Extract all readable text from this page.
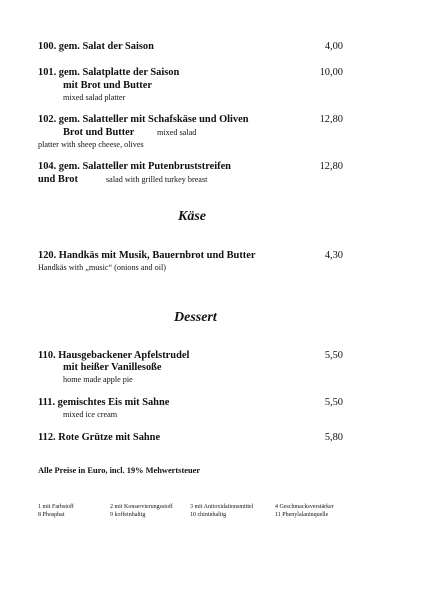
100. gem. Salat der Saison	4,00
101. gem. Salatplatte der Saison	10,00
mit Brot und Butter
mixed salad platter
102. gem. Salatteller mit Schafskäse und Oliven	12,80
Brot und Butter	mixed salad
platter with sheep cheese, olives
104. gem. Salatteller mit Putenbruststreifen	12,80
und Brot	salad with grilled turkey breast
Käse
120. Handkäs mit Musik, Bauernbrot und Butter	4,30
Handkäs with „music“ (onions and oil)
Dessert
110. Hausgebackener Apfelstrudel	5,50
mit heißer Vanillesoße
home made apple pie
111. gemischtes Eis mit Sahne	5,50
mixed ice cream
112. Rote Grütze mit Sahne	5,80
Alle Preise in Euro, incl. 19% Mehwertsteuer
1 mit Farbstoff	2 mit Konservierungsstoff	3 mit Antioxidationsmittel	4 Geschmacksverstärker
8 Phosphat	9 koffeinhaltig	10 chininhaltig	11 Phenylalaninquelle
